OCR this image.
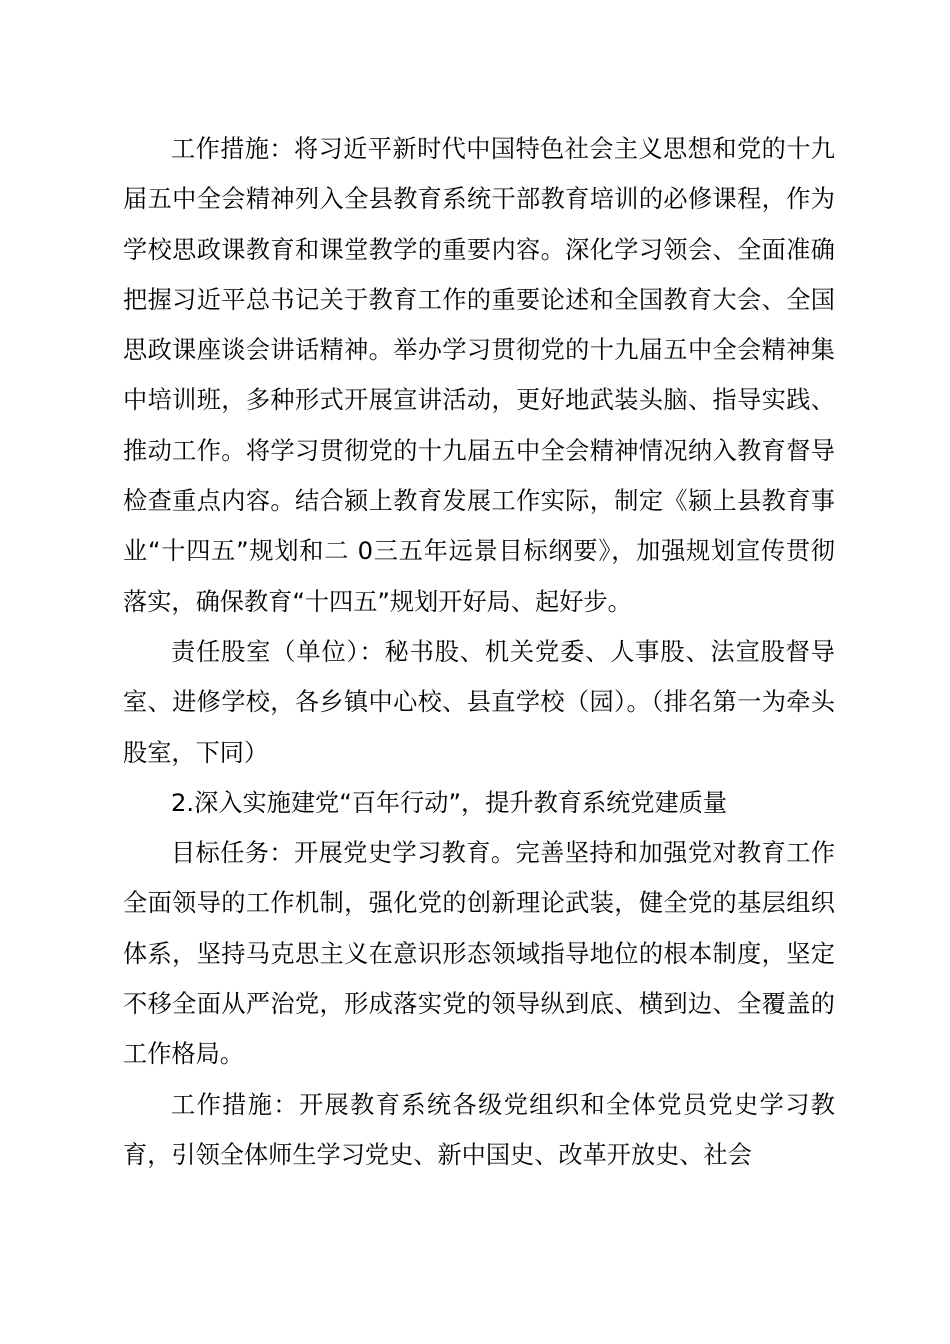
工作措施：将习近平新时代中国特色社会主义思想和党的十九届五中全会精神列入全县教育系统干部教育培训的必修课程，作为学校思政课教育和课堂教学的重要内容。深化学习领会、全面准确把握习近平总书记关于教育工作的重要论述和全国教育大会、全国思政课座谈会讲话精神。举办学习贯彻党的十九届五中全会精神集中培训班，多种形式开展宣讲活动，更好地武装头脑、指导实践、推动工作。将学习贯彻党的十九届五中全会精神情况纳入教育督导检查重点内容。结合颍上教育发展工作实际，制定《颍上县教育事业“十四五”规划和二 0三五年远景目标纲要》，加强规划宣传贯彻落实，确保教育“十四五”规划开好局、起好步。

责任股室（单位）：秘书股、机关党委、人事股、法宣股督导室、进修学校，各乡镇中心校、县直学校（园）。（排名第一为牵头股室，下同）

2.深入实施建党“百年行动”，提升教育系统党建质量

目标任务：开展党史学习教育。完善坚持和加强党对教育工作全面领导的工作机制，强化党的创新理论武装，健全党的基层组织体系，坚持马克思主义在意识形态领域指导地位的根本制度，坚定不移全面从严治党，形成落实党的领导纵到底、横到边、全覆盖的工作格局。

工作措施：开展教育系统各级党组织和全体党员党史学习教育，引领全体师生学习党史、新中国史、改革开放史、社会
